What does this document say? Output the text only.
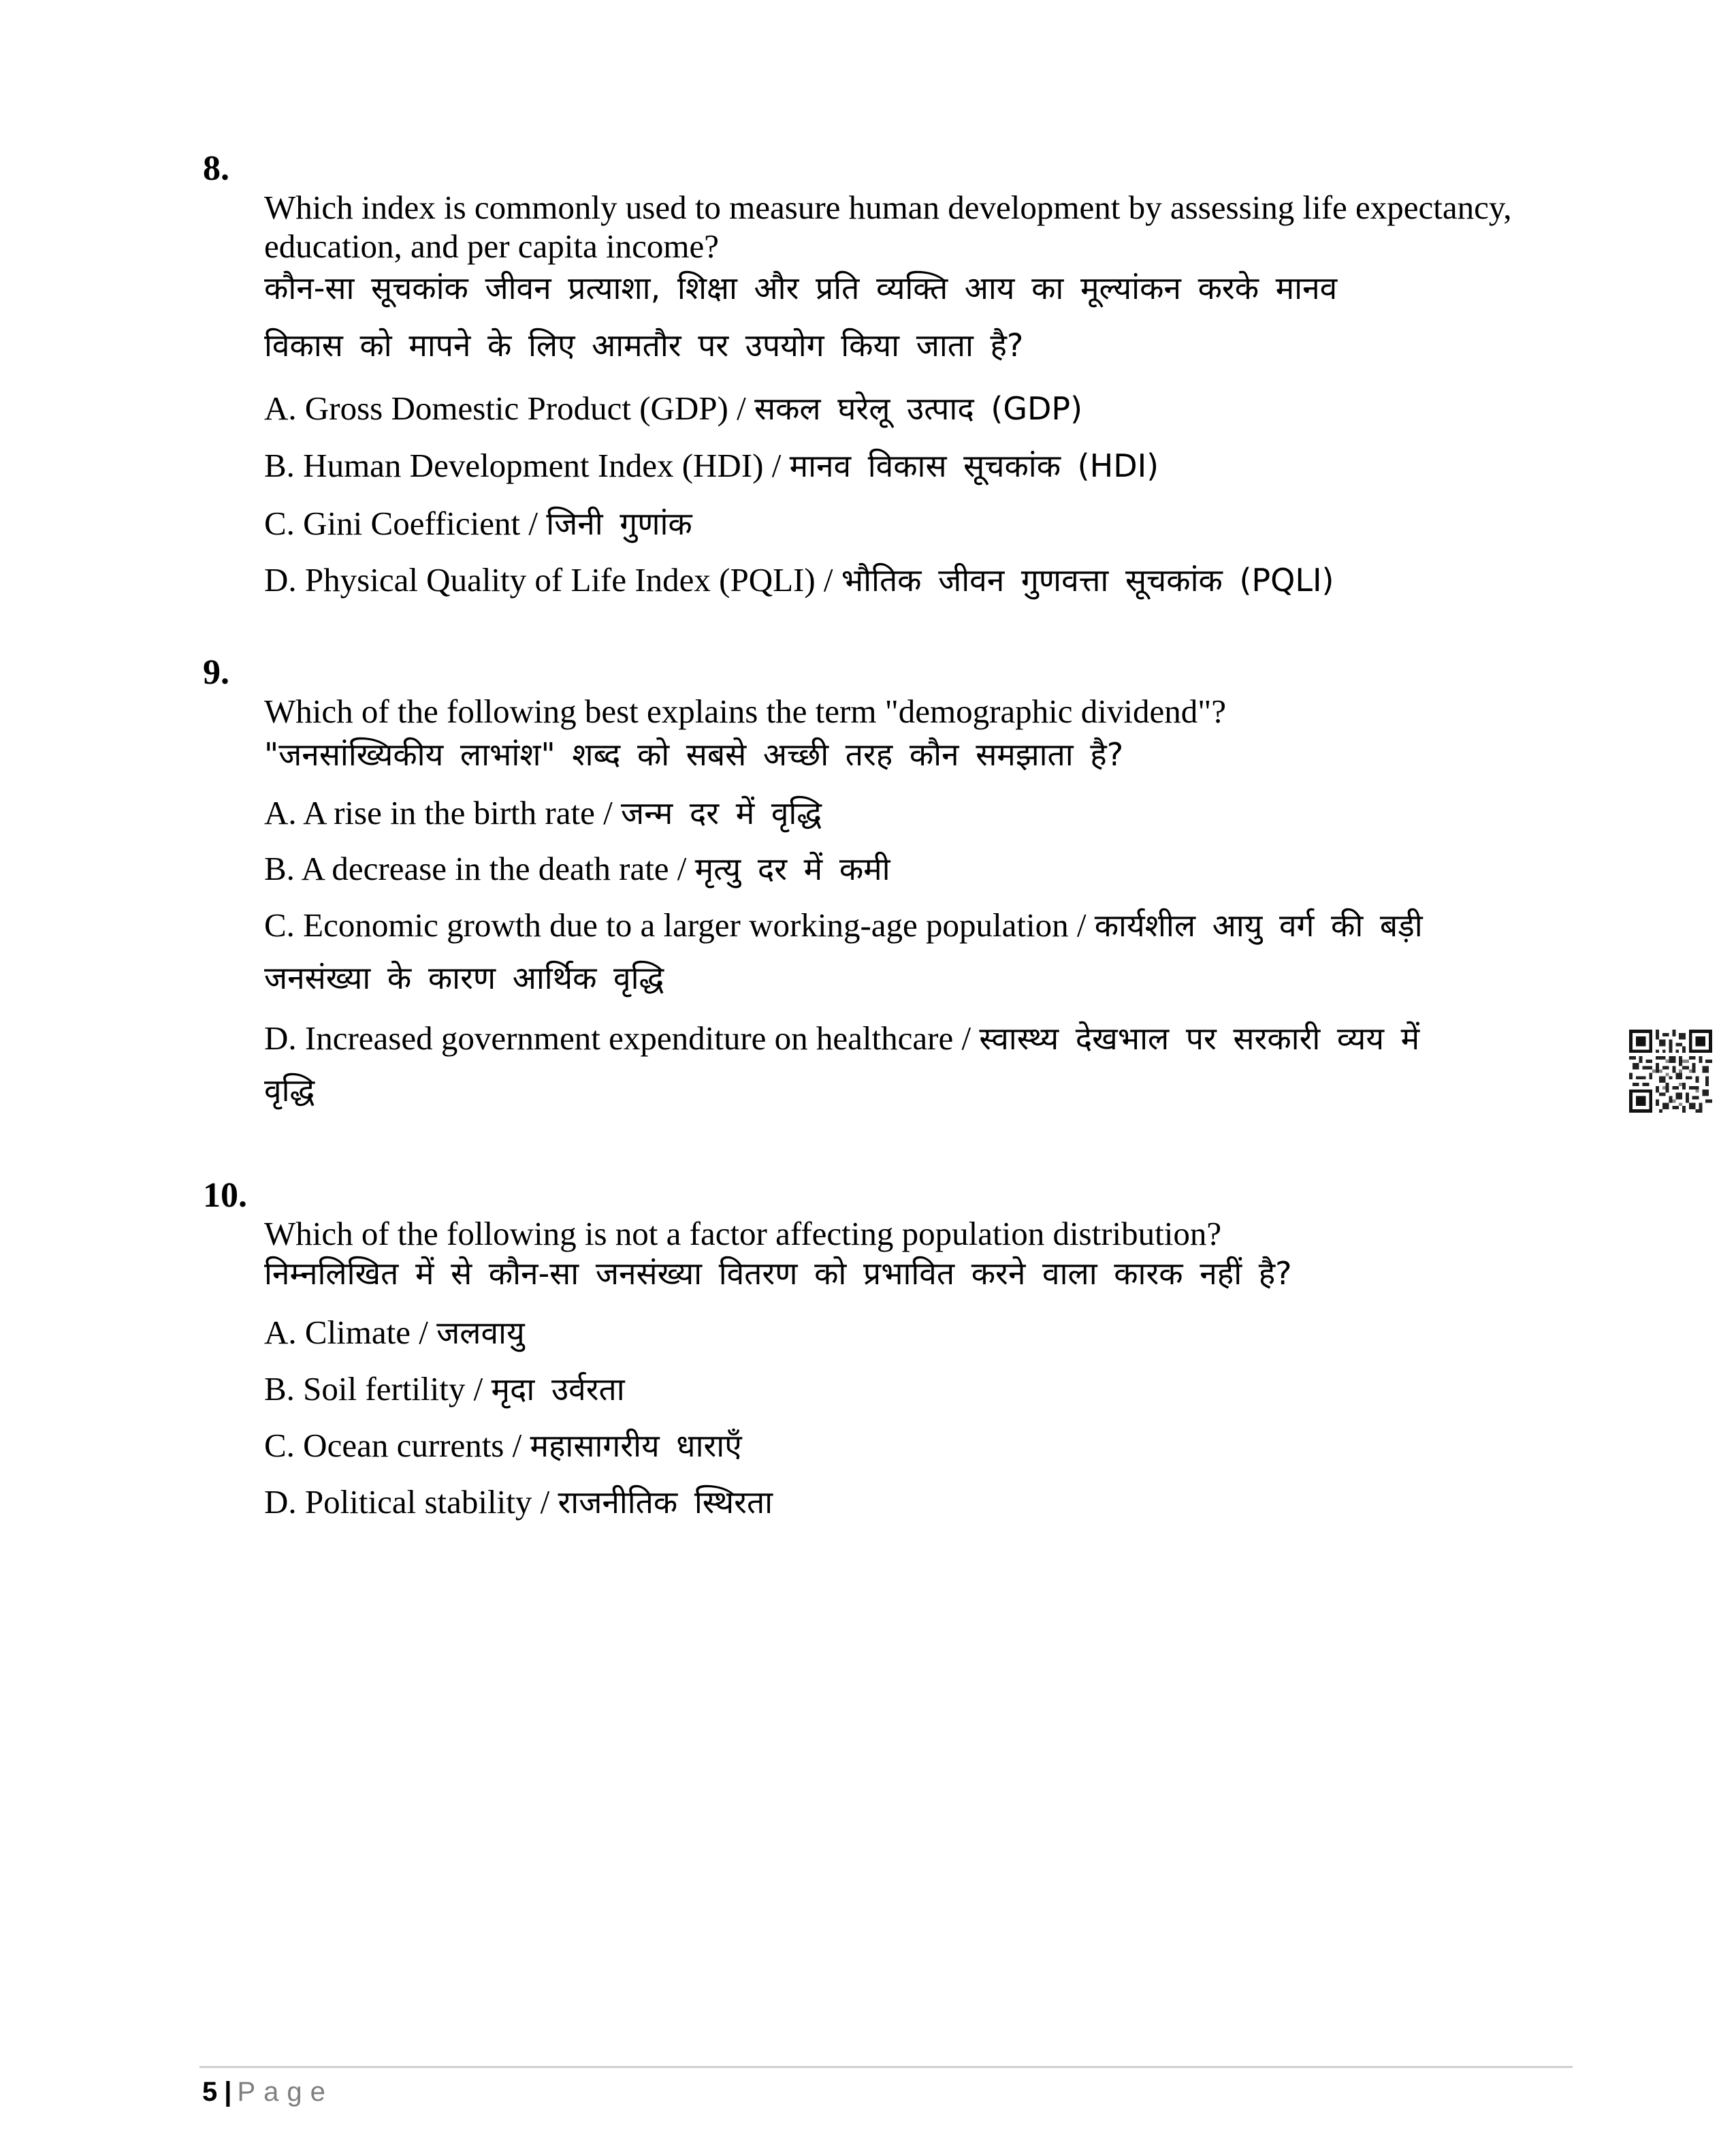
8.
Which index is commonly used to measure human development by assessing life expectancy,
education, and per capita income?
कौन-सा सूचकांक जीवन प्रत्याशा, शिक्षा और प्रति व्यक्ति आय का मूल्यांकन करके मानव
विकास को मापने के लिए आमतौर पर उपयोग किया जाता है?
A. Gross Domestic Product (GDP) / सकल घरेलू उत्पाद (GDP)
B. Human Development Index (HDI) / मानव विकास सूचकांक (HDI)
C. Gini Coefficient / जिनी गुणांक
D. Physical Quality of Life Index (PQLI) / भौतिक जीवन गुणवत्ता सूचकांक (PQLI)
9.
Which of the following best explains the term "demographic dividend"?
"जनसांख्यिकीय लाभांश" शब्द को सबसे अच्छी तरह कौन समझाता है?
A. A rise in the birth rate / जन्म दर में वृद्धि
B. A decrease in the death rate / मृत्यु दर में कमी
C. Economic growth due to a larger working-age population / कार्यशील आयु वर्ग की बड़ी
जनसंख्या के कारण आर्थिक वृद्धि
D. Increased government expenditure on healthcare / स्वास्थ्य देखभाल पर सरकारी व्यय में
वृद्धि
10.
Which of the following is not a factor affecting population distribution?
निम्नलिखित में से कौन-सा जनसंख्या वितरण को प्रभावित करने वाला कारक नहीं है?
A. Climate / जलवायु
B. Soil fertility / मृदा उर्वरता
C. Ocean currents / महासागरीय धाराएँ
D. Political stability / राजनीतिक स्थिरता
5 | Page
